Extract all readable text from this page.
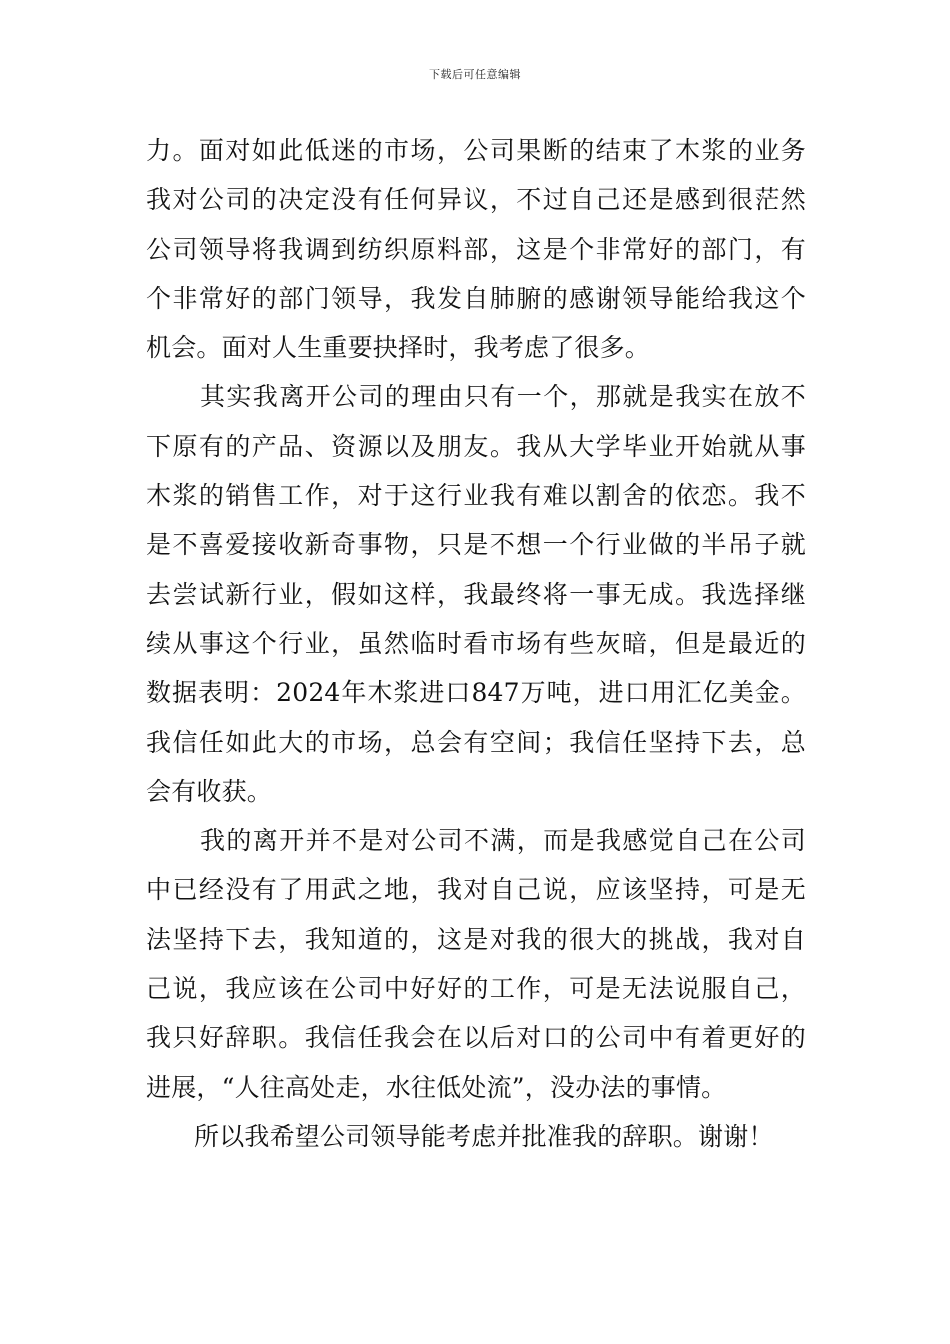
下载后可任意编辑
力。面对如此低迷的市场，公司果断的结束了木浆的业务
我对公司的决定没有任何异议，不过自己还是感到很茫然
公司领导将我调到纺织原料部，这是个非常好的部门，有
个非常好的部门领导，我发自肺腑的感谢领导能给我这个
机会。面对人生重要抉择时，我考虑了很多。
其实我离开公司的理由只有一个，那就是我实在放不
下原有的产品、资源以及朋友。我从大学毕业开始就从事
木浆的销售工作，对于这行业我有难以割舍的依恋。我不
是不喜爱接收新奇事物，只是不想一个行业做的半吊子就
去尝试新行业，假如这样，我最终将一事无成。我选择继
续从事这个行业，虽然临时看市场有些灰暗，但是最近的
数据表明：2024年木浆进口847万吨，进口用汇亿美金。
我信任如此大的市场，总会有空间；我信任坚持下去，总
会有收获。
我的离开并不是对公司不满，而是我感觉自己在公司
中已经没有了用武之地，我对自己说，应该坚持，可是无
法坚持下去，我知道的，这是对我的很大的挑战，我对自
己说，我应该在公司中好好的工作，可是无法说服自己，
我只好辞职。我信任我会在以后对口的公司中有着更好的
进展，“人往高处走，水往低处流”，没办法的事情。
所以我希望公司领导能考虑并批准我的辞职。谢谢！
